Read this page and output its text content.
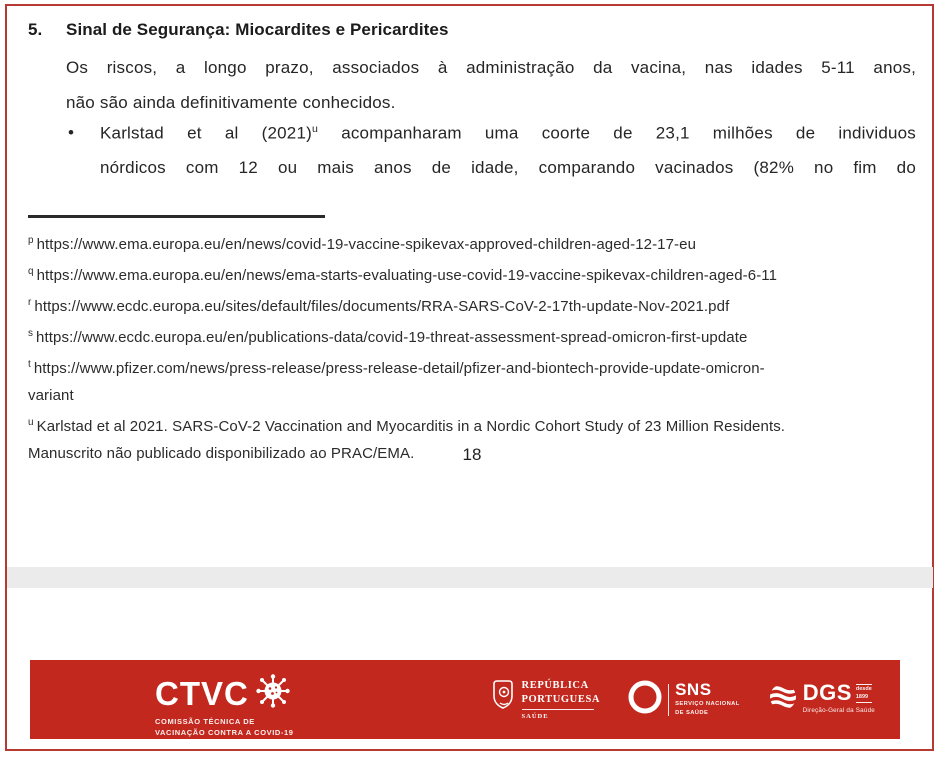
5. Sinal de Segurança: Miocardites e Pericardites
Os riscos, a longo prazo, associados à administração da vacina, nas idades 5-11 anos,
não são ainda definitivamente conhecidos.
• Karlstad et al $(2021)^u$ acompanharam uma coorte de 23,1 milhões de individuos
nórdicos com 12 ou mais anos de idade, comparando vacinados (82% no fim do
$^p$ https://www.ema.europa.eu/en/news/covid-19-vaccine-spikevax-approved-children-aged-12-17-eu
$^q$ https://www.ema.europa.eu/en/news/ema-starts-evaluating-use-covid-19-vaccine-spikevax-children-aged-6-11
$^r$ https://www.ecdc.europa.eu/sites/default/files/documents/RRA-SARS-CoV-2-17th-update-Nov-2021.pdf
$^s$ https://www.ecdc.europa.eu/en/publications-data/covid-19-threat-assessment-spread-omicron-first-update
$^t$ https://www.pfizer.com/news/press-release/press-release-detail/pfizer-and-biontech-provide-update-omicron-
variant
$^u$ Karlstad et al 2021. SARS-CoV-2 Vaccination and Myocarditis in a Nordic Cohort Study of 23 Million Residents.
Manuscrito não publicado disponibilizado ao PRAC/EMA.	18
CTVC
COMISSÃO TÉCNICA DE
VACINAÇÃO CONTRA A COVID-19
REPÚBLICA
PORTUGUESA
SAÚDE
SNS
SERVIÇO NACIONAL
DE SAÚDE
DGS desde
1899
Direção-Geral da Saúde
